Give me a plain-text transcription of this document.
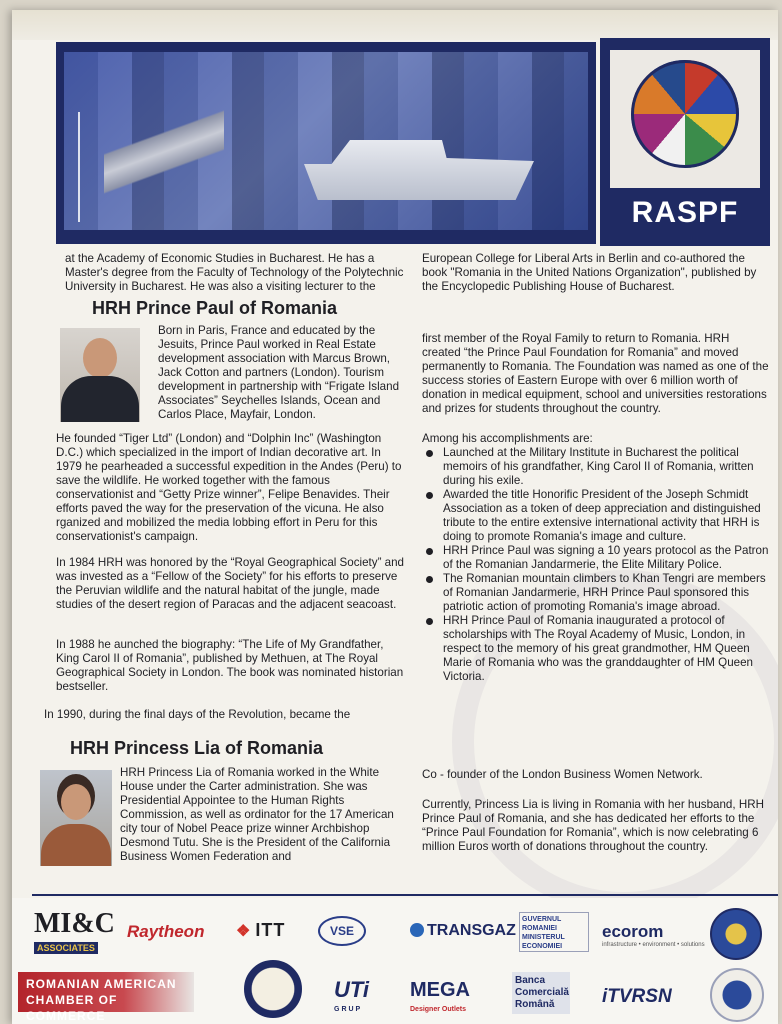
RASPF

at the Academy of Economic Studies in Bucharest. He has a Master's degree from the Faculty of Technology of the Polytechnic University in Bucharest. He was also a visiting lecturer to the

European College for Liberal Arts in Berlin and co-authored the book "Romania in the United Nations Organization", published by the Encyclopedic Publishing House of Bucharest.

HRH Prince Paul of Romania

Born in Paris, France and educated by the Jesuits, Prince Paul worked in Real Estate development association with Marcus Brown, Jack Cotton and partners (London). Tourism development in partnership with “Frigate Island Associates” Seychelles Islands, Ocean and Carlos Place, Mayfair, London.

He founded “Tiger Ltd” (London) and “Dolphin Inc” (Washington D.C.) which specialized in the import of Indian decorative art. In 1979 he pearheaded a successful expedition in the Andes (Peru) to save the wildlife. He worked together with the famous conservationist and “Getty Prize winner”, Felipe Benavides. Their efforts paved the way for the preservation of the vicuna. He also rganized and mobilized the media lobbing effort in Peru for this conservationist's campaign.

In 1984 HRH was honored by the “Royal Geographical Society” and was invested as a “Fellow of the Society” for his efforts to preserve the Peruvian wildlife and the natural habitat of the jungle, made studies of the desert region of Paracas and the adjacent seacoast.

In 1988 he aunched the biography: “The Life of My Grandfather, King Carol II of Romania”, published by Methuen, at The Royal Geographical Society in London. The book was nominated historian bestseller.

In 1990, during the final days of the Revolution, became the

first member of the Royal Family to return to Romania. HRH created “the Prince Paul Foundation for Romania” and moved permanently to Romania. The Foundation was named as one of the success stories of Eastern Europe with over 6 million worth of donation in medical equipment, school and universities restorations and prizes for students throughout the country.

Among his accomplishments are:

Launched at the Military Institute in Bucharest the political memoirs of his grandfather, King Carol II of Romania, written during his exile.
Awarded the title Honorific President of the Joseph Schmidt Association as a token of deep appreciation and distinguished tribute to the entire extensive international activity that HRH is doing to promote Romania's image and culture.
HRH Prince Paul was signing a 10 years protocol as the Patron of the Romanian Jandarmerie, the Elite Military Police.
The Romanian mountain climbers to Khan Tengri are members of Romanian Jandarmerie, HRH Prince Paul sponsored this patriotic action of promoting Romania's image abroad.
HRH Prince Paul of Romania inaugurated a protocol of scholarships with The Royal Academy of Music, London, in respect to the memory of his great grandmother, HM Queen Marie of Romania who was the granddaughter of HM Queen Victoria.
HRH Princess Lia of Romania

HRH Princess Lia of Romania worked in the White House under the Carter administration. She was Presidential Appointee to the Human Rights Commission, as well as ordinator for the 17 American city tour of Nobel Peace prize winner Archbishop Desmond Tutu. She is the President of the California Business Women Federation and

Co - founder of the London Business Women Network.

Currently, Princess Lia is living in Romania with her husband, HRH Prince Paul of Romania, and she has dedicated her efforts to the “Prince Paul Foundation for Romania”, which is now celebrating 6 million Euros worth of donations throughout the country.

MI&C
ASSOCIATES
Raytheon ❖ ITT	VSE	TRANSGAZ
GUVERNUL ROMANIEI MINISTERUL ECONOMIEI
ecorom
infrastructure • environment • solutions
ROMANIAN AMERICAN CHAMBER OF COMMERCE
UTi
GRUP
MEGA
Designer Outlets
Banca Comercială Română	iTVRSN
